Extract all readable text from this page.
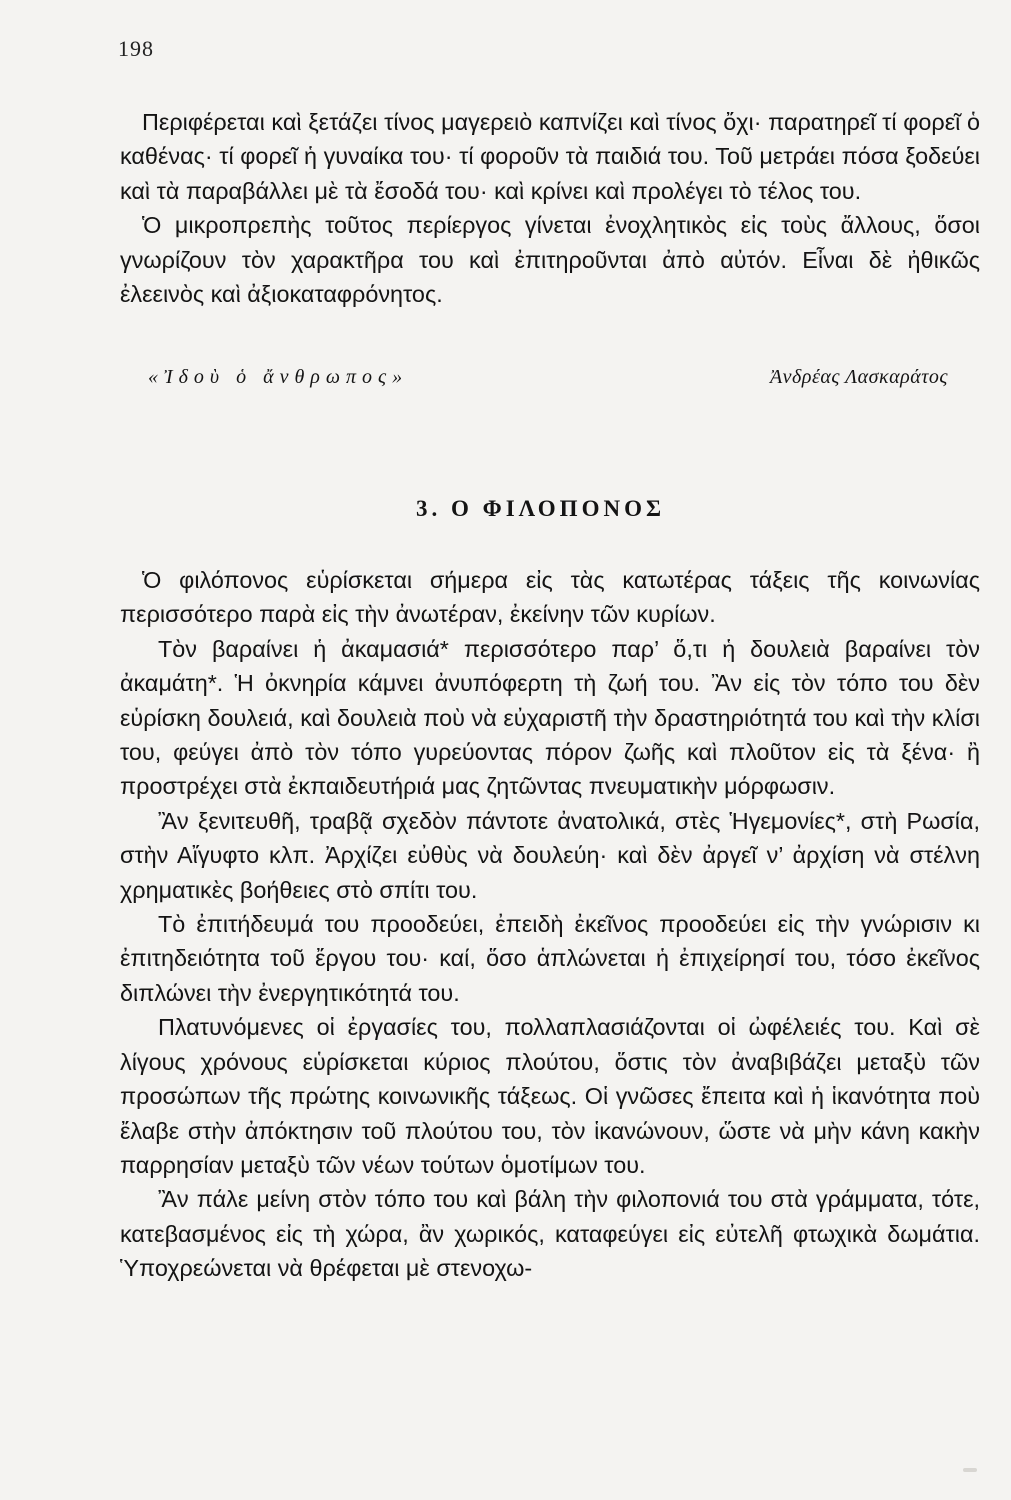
198

Περιφέρεται καὶ ξετάζει τίνος μαγερειὸ καπνίζει καὶ τίνος ὄχι· παρατηρεῖ τί φορεῖ ὁ καθένας· τί φορεῖ ἡ γυναίκα του· τί φοροῦν τὰ παιδιά του. Τοῦ μετράει πόσα ξοδεύει καὶ τὰ παραβάλλει μὲ τὰ ἔσοδά του· καὶ κρίνει καὶ προλέγει τὸ τέλος του.

Ὁ μικροπρεπὴς τοῦτος περίεργος γίνεται ἐνοχλητικὸς εἰς τοὺς ἄλλους, ὅσοι γνωρίζουν τὸν χαρακτῆρα του καὶ ἐπιτηροῦνται ἀπὸ αὐτόν. Εἶναι δὲ ἠθικῶς ἐλεεινὸς καὶ ἀξιοκαταφρόνητος.

«Ἰδοὺ ὁ ἄνθρωπος»	Ἀνδρέας Λασκαράτος
3. Ο ΦΙΛΟΠΟΝΟΣ

Ὁ φιλόπονος εὑρίσκεται σήμερα εἰς τὰς κατωτέρας τάξεις τῆς κοινωνίας περισσότερο παρὰ εἰς τὴν ἀνωτέραν, ἐκείνην τῶν κυρίων.

Τὸν βαραίνει ἡ ἀκαμασιά* περισσότερο παρ’ ὅ,τι ἡ δουλειὰ βαραίνει τὸν ἀκαμάτη*. Ἡ ὀκνηρία κάμνει ἀνυπόφερτη τὴ ζωή του. Ἂν εἰς τὸν τόπο του δὲν εὑρίσκη δουλειά, καὶ δουλειὰ ποὺ νὰ εὐχαριστῆ τὴν δραστηριότητά του καὶ τὴν κλίσι του, φεύγει ἀπὸ τὸν τόπο γυρεύοντας πόρον ζωῆς καὶ πλοῦτον εἰς τὰ ξένα· ἢ προστρέχει στὰ ἐκπαιδευτήριά μας ζητῶντας πνευματικὴν μόρφωσιν.

Ἂν ξενιτευθῆ, τραβᾷ σχεδὸν πάντοτε ἀνατολικά, στὲς Ἡγεμονίες*, στὴ Ρωσία, στὴν Αἴγυφτο κλπ. Ἀρχίζει εὐθὺς νὰ δουλεύη· καὶ δὲν ἀργεῖ ν’ ἀρχίση νὰ στέλνη χρηματικὲς βοήθειες στὸ σπίτι του.

Τὸ ἐπιτήδευμά του προοδεύει, ἐπειδὴ ἐκεῖνος προοδεύει εἰς τὴν γνώρισιν κι ἐπιτηδειότητα τοῦ ἔργου του· καί, ὅσο ἁπλώνεται ἡ ἐπιχείρησί του, τόσο ἐκεῖνος διπλώνει τὴν ἐνεργητικότητά του.

Πλατυνόμενες οἱ ἐργασίες του, πολλαπλασιάζονται οἱ ὠφέλειές του. Καὶ σὲ λίγους χρόνους εὑρίσκεται κύριος πλούτου, ὅστις τὸν ἀναβιβάζει μεταξὺ τῶν προσώπων τῆς πρώτης κοινωνικῆς τάξεως. Οἱ γνῶσες ἔπειτα καὶ ἡ ἱκανότητα ποὺ ἔλαβε στὴν ἀπόκτησιν τοῦ πλούτου του, τὸν ἱκανώνουν, ὥστε νὰ μὴν κάνη κακὴν παρρησίαν μεταξὺ τῶν νέων τούτων ὁμοτίμων του.

Ἂν πάλε μείνη στὸν τόπο του καὶ βάλη τὴν φιλοπονιά του στὰ γράμματα, τότε, κατεβασμένος εἰς τὴ χώρα, ἂν χωρικός, καταφεύγει εἰς εὐτελῆ φτωχικὰ δωμάτια. Ὑποχρεώνεται νὰ θρέφεται μὲ στενοχω-
